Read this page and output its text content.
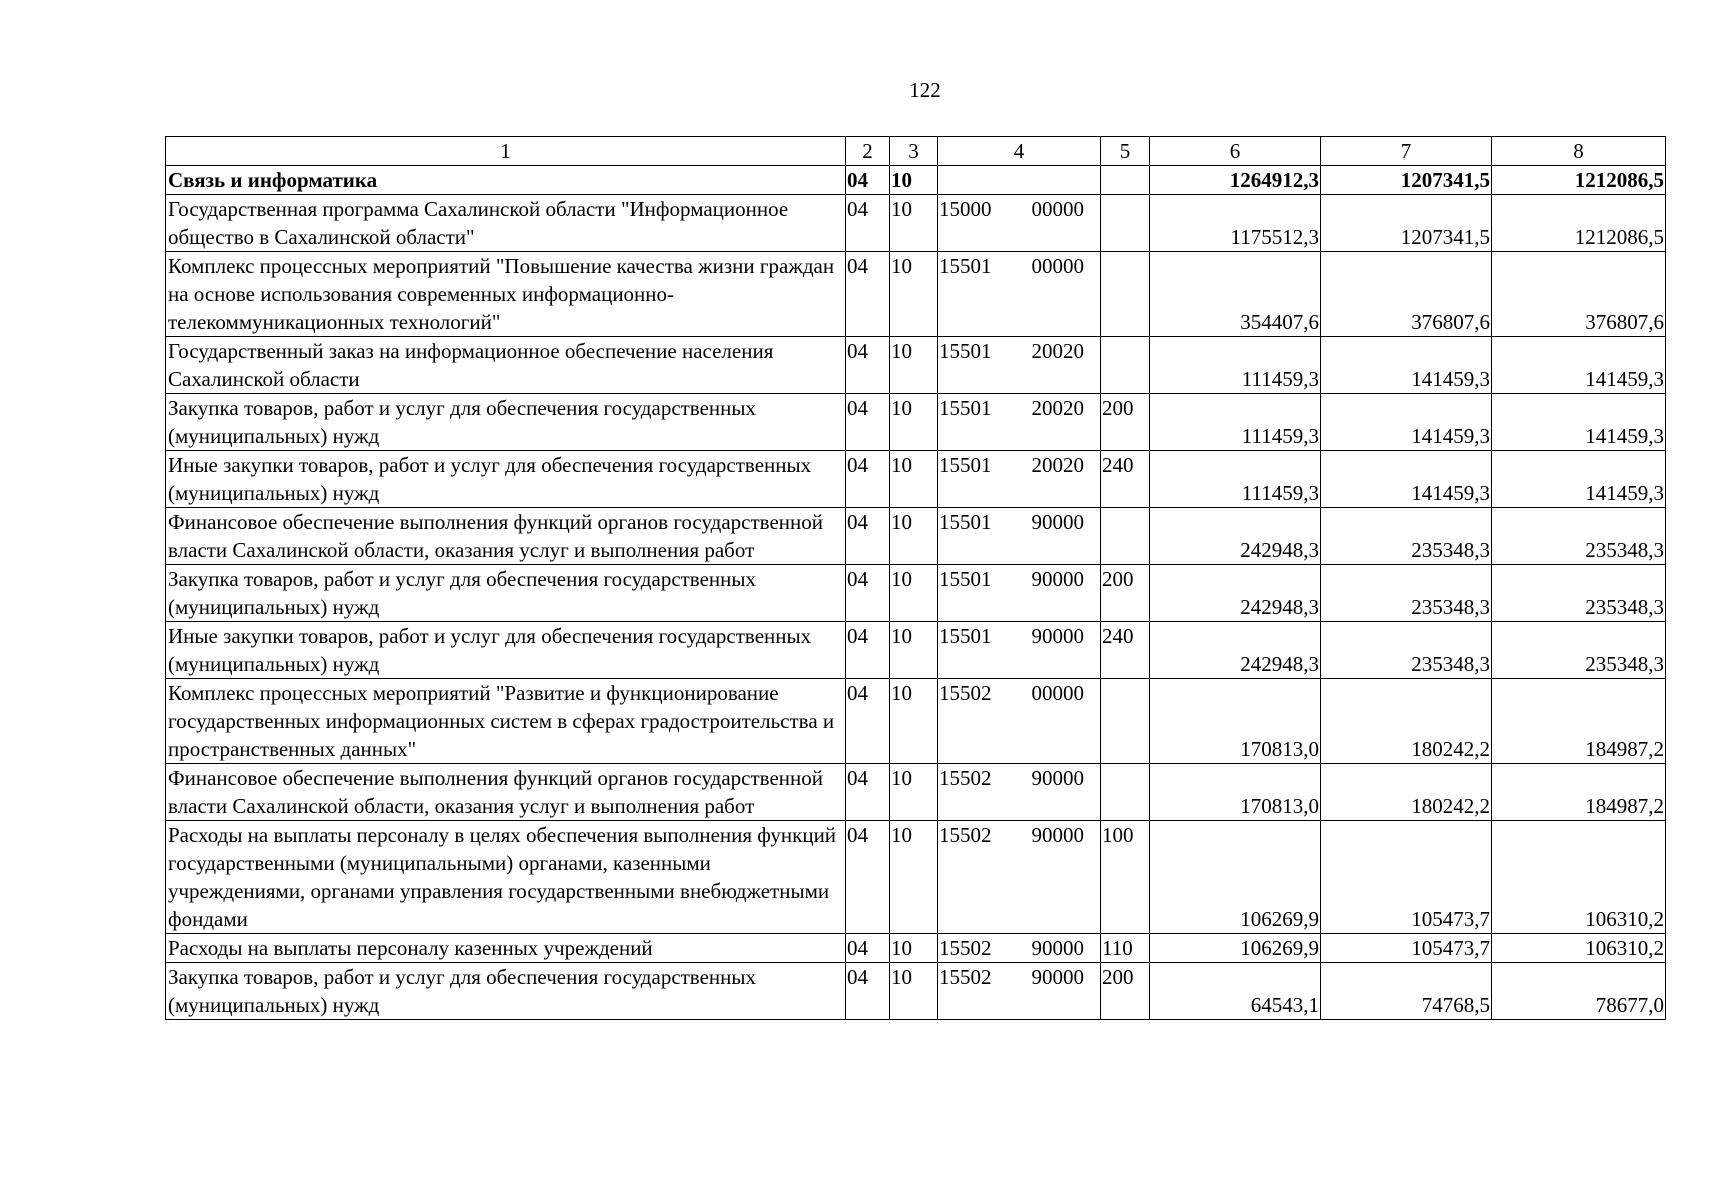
122
1	2	3	4	5	6	7	8
Связь и информатика	04	10			1264912,3	1207341,5	1212086,5
Государственная программа Сахалинской области "Информационное общество в Сахалинской области"	04	10	15000 00000		1175512,3	1207341,5	1212086,5
Комплекс процессных мероприятий "Повышение качества жизни граждан на основе использования современных информационно-телекоммуникационных технологий"	04	10	15501 00000		354407,6	376807,6	376807,6
Государственный заказ на информационное обеспечение населения Сахалинской области	04	10	15501 20020		111459,3	141459,3	141459,3
Закупка товаров, работ и услуг для обеспечения государственных (муниципальных) нужд	04	10	15501 20020	200	111459,3	141459,3	141459,3
Иные закупки товаров, работ и услуг для обеспечения государственных (муниципальных) нужд	04	10	15501 20020	240	111459,3	141459,3	141459,3
Финансовое обеспечение выполнения функций органов государственной власти Сахалинской области, оказания услуг и выполнения работ	04	10	15501 90000		242948,3	235348,3	235348,3
Закупка товаров, работ и услуг для обеспечения государственных (муниципальных) нужд	04	10	15501 90000	200	242948,3	235348,3	235348,3
Иные закупки товаров, работ и услуг для обеспечения государственных (муниципальных) нужд	04	10	15501 90000	240	242948,3	235348,3	235348,3
Комплекс процессных мероприятий "Развитие и функционирование государственных информационных систем в сферах градостроительства и пространственных данных"	04	10	15502 00000		170813,0	180242,2	184987,2
Финансовое обеспечение выполнения функций органов государственной власти Сахалинской области, оказания услуг и выполнения работ	04	10	15502 90000		170813,0	180242,2	184987,2
Расходы на выплаты персоналу в целях обеспечения выполнения функций государственными (муниципальными) органами, казенными учреждениями, органами управления государственными внебюджетными фондами	04	10	15502 90000	100	106269,9	105473,7	106310,2
Расходы на выплаты персоналу казенных учреждений	04	10	15502 90000	110	106269,9	105473,7	106310,2
Закупка товаров, работ и услуг для обеспечения государственных (муниципальных) нужд	04	10	15502 90000	200	64543,1	74768,5	78677,0
